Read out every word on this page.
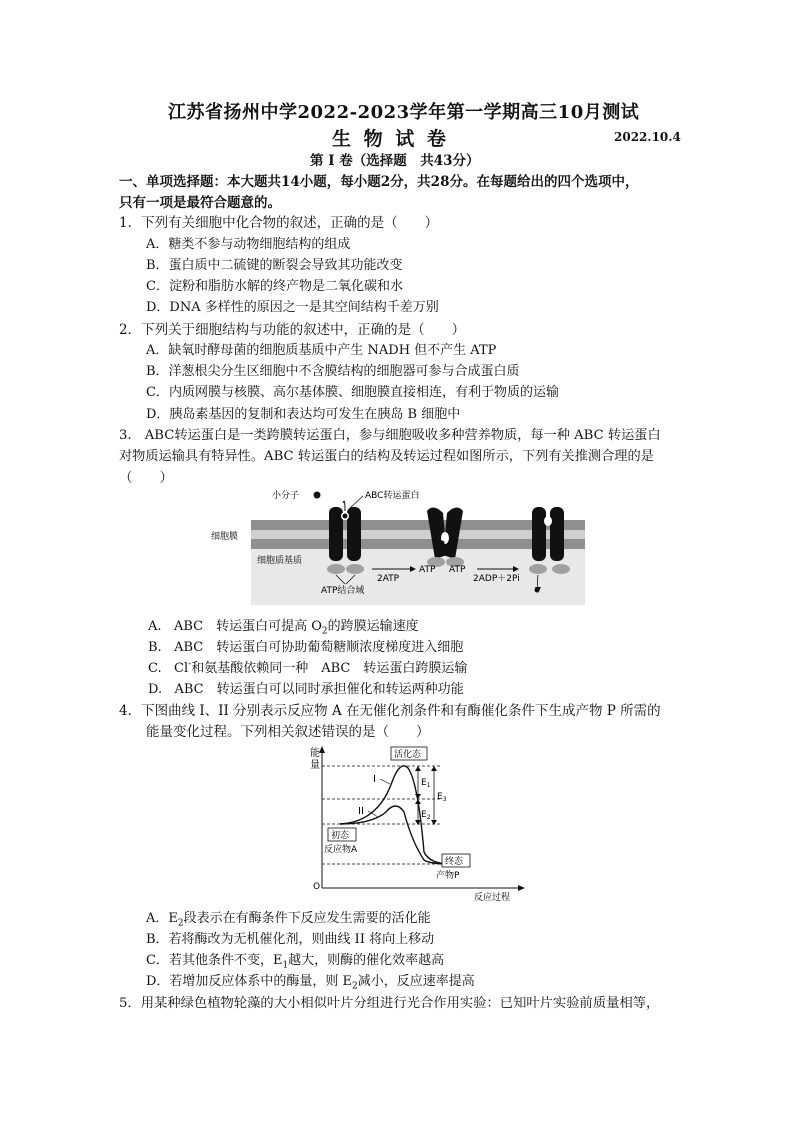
江苏省扬州中学2022-2023学年第一学期高三10月测试
生 物 试 卷	2022.10.4
第 I 卷（选择题　共43分）
一、单项选择题：本大题共14小题，每小题2分，共28分。在每题给出的四个选项中，
只有一项是最符合题意的。
1．下列有关细胞中化合物的叙述，正确的是（　　）
A．糖类不参与动物细胞结构的组成
B．蛋白质中二硫键的断裂会导致其功能改变
C．淀粉和脂肪水解的终产物是二氧化碳和水
D．DNA 多样性的原因之一是其空间结构千差万别
2．下列关于细胞结构与功能的叙述中，正确的是（　　）
A．缺氧时酵母菌的细胞质基质中产生 NADH 但不产生 ATP
B．洋葱根尖分生区细胞中不含膜结构的细胞器可参与合成蛋白质
C．内质网膜与核膜、高尔基体膜、细胞膜直接相连，有利于物质的运输
D．胰岛素基因的复制和表达均可发生在胰岛 B 细胞中
3.　ABC转运蛋白是一类跨膜转运蛋白，参与细胞吸收多种营养物质，每一种 ABC 转运蛋白
对物质运输具有特异性。ABC 转运蛋白的结构及转运过程如图所示，下列有关推测合理的是
（　　）
小分子	ABC转运蛋白
细胞膜
细胞质基质
ATP结合域
2ATP
ATP ATP
2ADP＋2Pi
A. ABC　转运蛋白可提高 $O_2$的跨膜运输速度
B. ABC　转运蛋白可协助葡萄糖顺浓度梯度进入细胞
C. Cl-和氨基酸依赖同一种　ABC　转运蛋白跨膜运输
D. ABC　转运蛋白可以同时承担催化和转运两种功能
4．下图曲线 I、II 分别表示反应物 A 在无催化剂条件和有酶催化条件下生成产物 P 所需的
能量变化过程。下列相关叙述错误的是（　　）
能
量
能量
O
反应过程
I
II
活化态
初态
反应物A
终态
产物P
$E_1$
$E_2$
$E_3$
A．$E_2$段表示在有酶条件下反应发生需要的活化能
B．若将酶改为无机催化剂，则曲线 II 将向上移动
C．若其他条件不变，$E_1$越大，则酶的催化效率越高
D．若增加反应体系中的酶量，则 $E_2$减小，反应速率提高
5．用某种绿色植物轮藻的大小相似叶片分组进行光合作用实验：已知叶片实验前质量相等，
